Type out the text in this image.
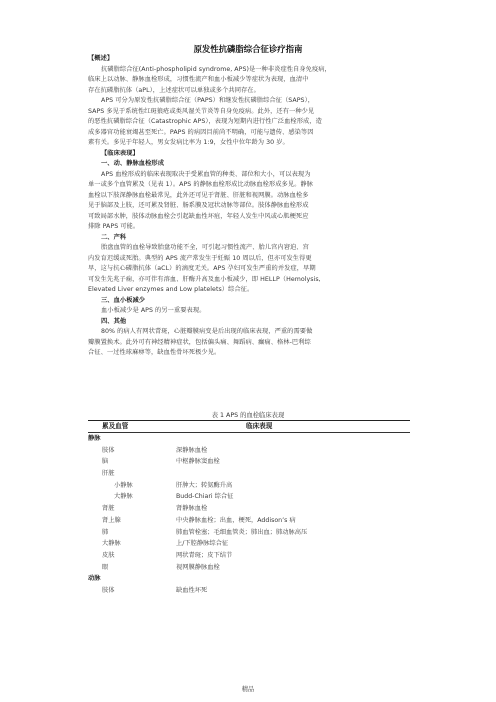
原发性抗磷脂综合征诊疗指南
【概述】
抗磷脂综合征(Anti-phospholipid syndrome, APS)是一种非炎症性自身免疫病，
临床上以动脉、静脉血栓形成，习惯性流产和血小板减少等症状为表现，血清中
存在抗磷脂抗体（aPL），上述症状可以单独或多个共同存在。
APS 可分为原发性抗磷脂综合征（PAPS）和继发性抗磷脂综合征（SAPS），
SAPS 多见于系统性红斑狼疮或类风湿关节炎等自身免疫病。此外，还有一种少见
的恶性抗磷脂综合征（Catastrophic APS），表现为短期内进行性广泛血栓形成，造
成多器官功能衰竭甚至死亡。PAPS 的病因目前尚不明确，可能与遗传、感染等因
素有关。多见于年轻人，男女发病比率为 1:9，女性中位年龄为 30 岁。
【临床表现】
一、动、静脉血栓形成
APS 血栓形成的临床表现取决于受累血管的种类、部位和大小，可以表现为
单一或多个血管累及（见表 1）。APS 的静脉血栓形成比动脉血栓形成多见。静脉
血栓以下肢深静脉血栓最常见，此外还可见于肾脏、肝脏和视网膜。动脉血栓多
见于脑部及上肢，还可累及肾脏、肠系膜及冠状动脉等部位。肢体静脉血栓形成
可致局部水肿，肢体动脉血栓会引起缺血性坏疽，年轻人发生中风或心肌梗死应
排除 PAPS 可能。
二、产科
胎盘血管的血栓导致胎盘功能不全，可引起习惯性流产、胎儿宫内窘迫、宫
内发育迟缓或死胎。典型的 APS 流产常发生于妊娠 10 周以后，但亦可发生得更
早，这与抗心磷脂抗体（aCL）的滴度无关。APS 孕妇可发生严重的并发症，早期
可发生先兆子痫，亦可伴有溶血、肝酶升高及血小板减少，即 HELLP（Hemolysis,
Elevated Liver enzymes and Low platelets）综合征。
三、血小板减少
血小板减少是 APS 的另一重要表现。
四、其他
80% 的病人有网状青斑，心脏瓣膜病变是后出现的临床表现，严重的需要做
瓣膜置换术。此外可有神经精神症状，包括偏头痛、舞蹈病、癫痫、格林-巴利综
合征、一过性球麻痹等，缺血性骨坏死极少见。
表 1 APS 的血栓临床表现
累及血管	临床表现
静脉
肢体	深静脉血栓
脑	中枢静脉窦血栓
肝脏
小静脉	肝肿大；转氨酶升高
大静脉	Budd-Chiari 综合征
肾脏	肾静脉血栓
肾上腺	中央静脉血栓；出血，梗死，Addison’s 病
肺	肺血管栓塞；毛细血管炎；肺出血；肺动脉高压
大静脉	上/下腔静脉综合征
皮肤	网状青斑；皮下结节
眼	视网膜静脉血栓
动脉
肢体	缺血性坏死
精品
